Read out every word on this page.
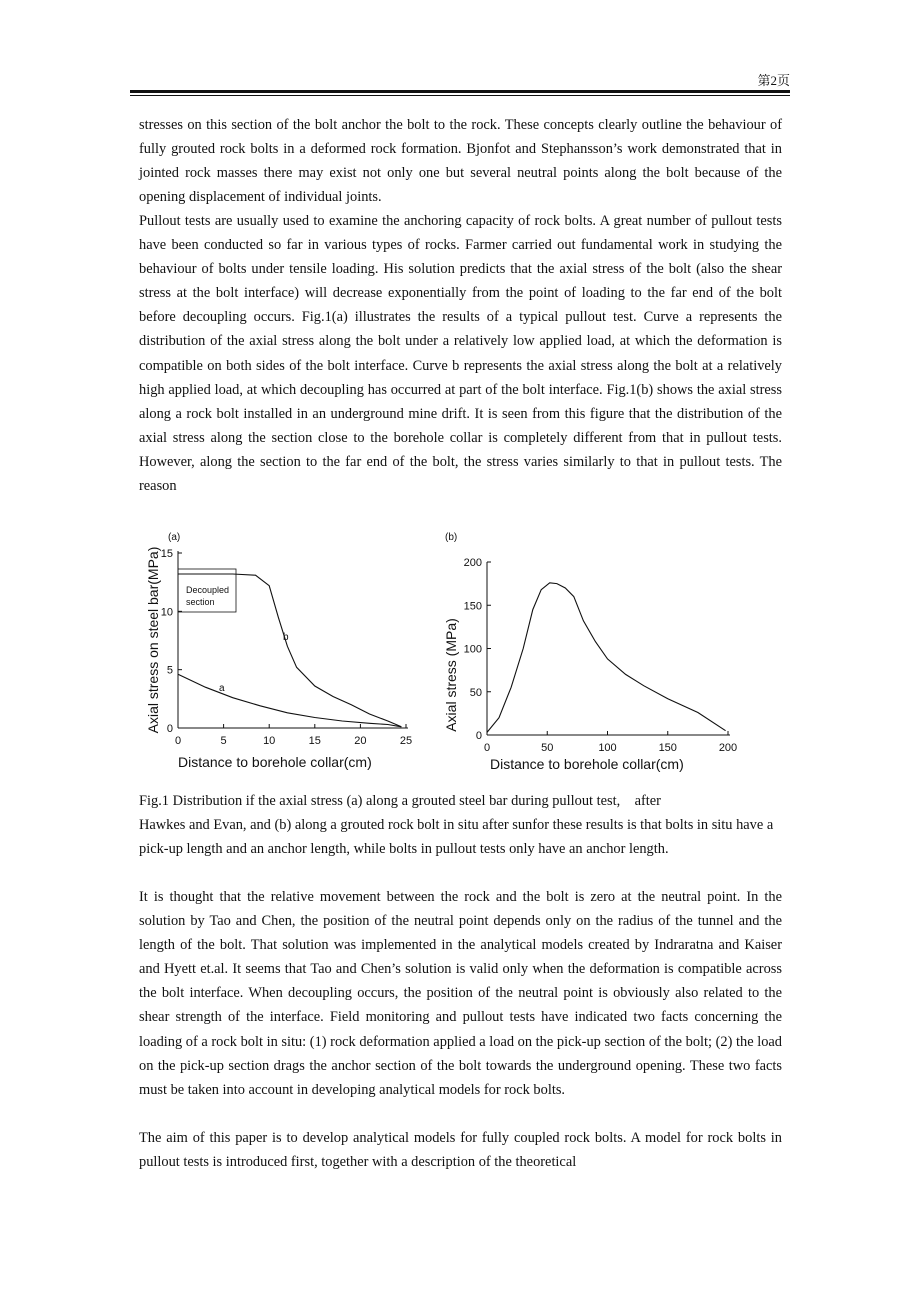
第2页

stresses on this section of the bolt anchor the bolt to the rock. These concepts clearly outline the behaviour of fully grouted rock bolts in a deformed rock formation. Bjonfot and Stephansson’s work demonstrated that in jointed rock masses there may exist not only one but several neutral points along the bolt because of the opening displacement of individual joints.

Pullout tests are usually used to examine the anchoring capacity of rock bolts. A great number of pullout tests have been conducted so far in various types of rocks. Farmer carried out fundamental work in studying the behaviour of bolts under tensile loading. His solution predicts that the axial stress of the bolt (also the shear stress at the bolt interface) will decrease exponentially from the point of loading to the far end of the bolt before decoupling occurs. Fig.1(a) illustrates the results of a typical pullout test. Curve a represents the distribution of the axial stress along the bolt under a relatively low applied load, at which the deformation is compatible on both sides of the bolt interface. Curve b represents the axial stress along the bolt at a relatively high applied load, at which decoupling has occurred at part of the bolt interface. Fig.1(b) shows the axial stress along a rock bolt installed in an underground mine drift. It is seen from this figure that the distribution of the axial stress along the section close to the borehole collar is completely different from that in pullout tests. However, along the section to the far end of the bolt, the stress varies similarly to that in pullout tests. The reason

(a)
Axial stress on steel bar(MPa)
Distance to borehole collar(cm)
0	5	10	15	20	25
0
5
10
15
Decoupled
section
a
b
(b)
Axial stress (MPa)
Distance to borehole collar(cm)
0	50	100	150	200
0
50
100
150
200
Fig.1 Distribution if the axial stress (a) along a grouted steel bar during pullout test,    after
Hawkes and Evan, and (b) along a grouted rock bolt in situ after sunfor these results is that bolts in situ have a pick-up length and an anchor length, while bolts in pullout tests only have an anchor length.

It is thought that the relative movement between the rock and the bolt is zero at the neutral point. In the solution by Tao and Chen, the position of the neutral point depends only on the radius of the tunnel and the length of the bolt. That solution was implemented in the analytical models created by Indraratna and Kaiser and Hyett et.al. It seems that Tao and Chen’s solution is valid only when the deformation is compatible across the bolt interface. When decoupling occurs, the position of the neutral point is obviously also related to the shear strength of the interface. Field monitoring and pullout tests have indicated two facts concerning the loading of a rock bolt in situ: (1) rock deformation applied a load on the pick-up section of the bolt; (2) the load on the pick-up section drags the anchor section of the bolt towards the underground opening. These two facts must be taken into account in developing analytical models for rock bolts.

The aim of this paper is to develop analytical models for fully coupled rock bolts. A model for rock bolts in pullout tests is introduced first, together with a description of the theoretical
